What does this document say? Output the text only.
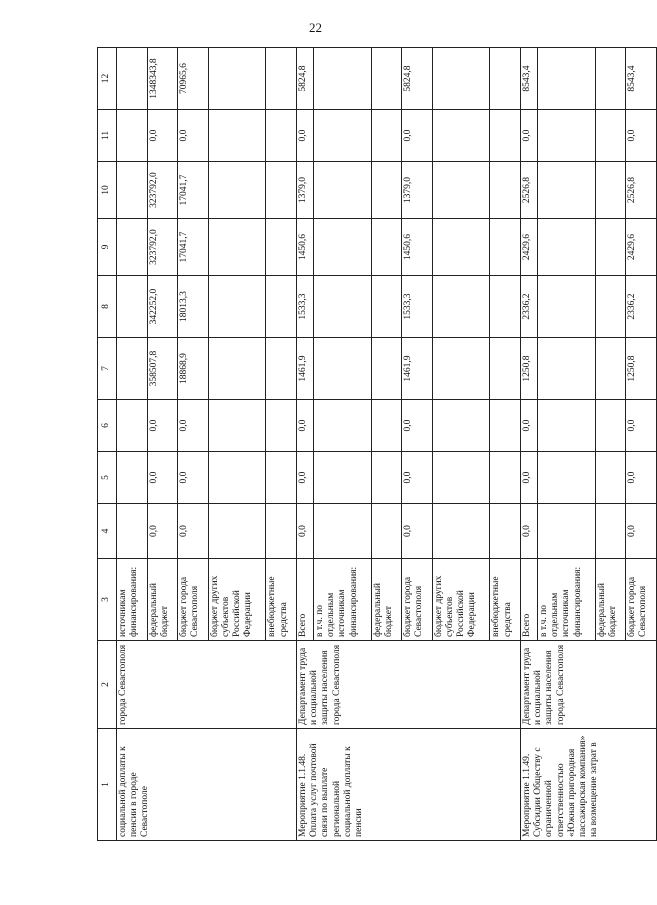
22
1	2	3	4	5	6	7	8	9	10	11	12
социальной доплаты к пенсии в городе Севастополе	города Севастополя	источникам финансирования:									
		федеральный бюджет	0,0	0,0	0,0	358507,8	342252,0	323792,0	323792,0	0,0	1348343,8
		бюджет города Севастополя	0,0	0,0	0,0	18868,9	18013,3	17041,7	17041,7	0,0	70965,6
		бюджет других субъектов Российской Федерации									
		внебюджетные средства									
Мероприятие 1.1.48. Оплата услуг почтовой связи по выплате региональной социальной доплаты к пенсии	Департамент труда и социальной защиты населения города Севастополя	Всего	0,0	0,0	0,0	1461,9	1533,3	1450,6	1379,0	0,0	5824,8
		в т.ч. по отдельным источникам финансирования:									
		федеральный бюджет									
		бюджет города Севастополя	0,0	0,0	0,0	1461,9	1533,3	1450,6	1379,0	0,0	5824,8
		бюджет других субъектов Российской Федерации									
		внебюджетные средства									
Мероприятие 1.1.49. Субсидии Обществу с ограниченной ответственностью «Южная пригородная пассажирская компания» на возмещение затрат в	Департамент труда и социальной защиты населения города Севастополя	Всего	0,0	0,0	0,0	1250,8	2336,2	2429,6	2526,8	0,0	8543,4
		в т.ч. по отдельным источникам финансирования:									
		федеральный бюджет									
		бюджет города Севастополя	0,0	0,0	0,0	1250,8	2336,2	2429,6	2526,8	0,0	8543,4
